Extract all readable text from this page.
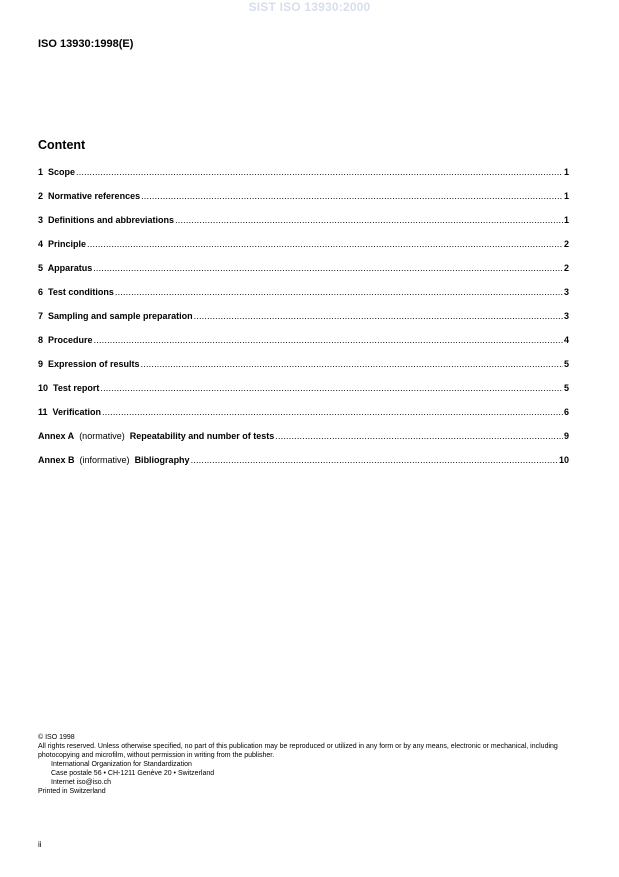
SIST ISO 13930:2000
ISO 13930:1998(E)
Content
1 Scope .....	1
2 Normative references .....	1
3 Definitions and abbreviations .....	1
4 Principle .....	2
5 Apparatus .....	2
6 Test conditions .....	3
7 Sampling and sample preparation .....	3
8 Procedure .....	4
9 Expression of results .....	5
10 Test report .....	5
11 Verification .....	6
Annex A (normative) Repeatability and number of tests .....	9
Annex B (informative) Bibliography .....	10

© ISO 1998

All rights reserved. Unless otherwise specified, no part of this publication may be reproduced or utilized in any form or by any means, electronic or mechanical, including photocopying and microfilm, without permission in writing from the publisher.

International Organization for Standardization

Case postale 56 • CH-1211 Genève 20 • Switzerland

Internet iso@iso.ch

Printed in Switzerland

ii
